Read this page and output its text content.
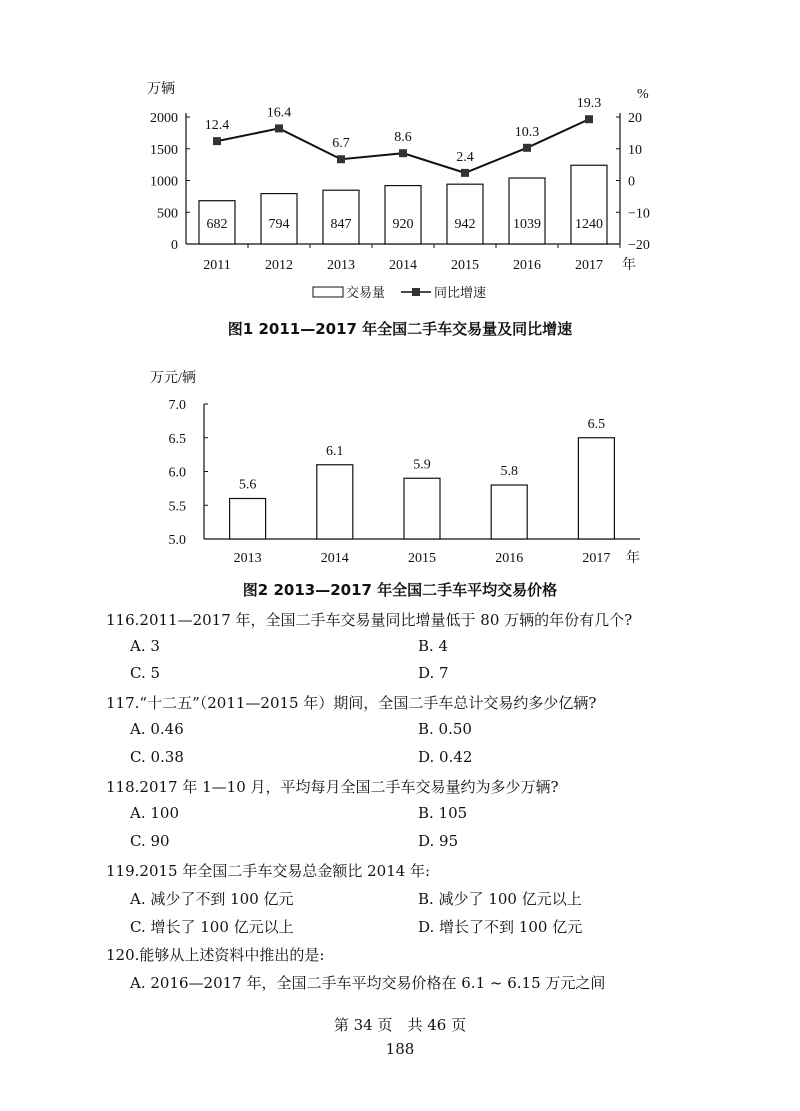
万辆	%
0
500
1000
1500
2000
−20
−10
0
10
20
682
2011
12.4
794
2012
16.4
847
2013
6.7
920
2014
8.6
942
2015
2.4
1039
2016
10.3
1240
2017
19.3
年
交易量	同比增速
图1 2011—2017 年全国二手车交易量及同比增速
万元/辆
5.0
5.5
6.0
6.5
7.0
5.6
2013
6.1
2014
5.9
2015
5.8
2016
6.5
2017 年
图2 2013—2017 年全国二手车平均交易价格
116.2011—2017 年，全国二手车交易量同比增量低于 80 万辆的年份有几个?
A. 3	B. 4
C. 5	D. 7
117.“十二五”（2011—2015 年）期间，全国二手车总计交易约多少亿辆?
A. 0.46	B. 0.50
C. 0.38	D. 0.42
118.2017 年 1—10 月，平均每月全国二手车交易量约为多少万辆?
A. 100	B. 105
C. 90	D. 95
119.2015 年全国二手车交易总金额比 2014 年:
A. 减少了不到 100 亿元	B. 减少了 100 亿元以上
C. 增长了 100 亿元以上	D. 增长了不到 100 亿元
120.能够从上述资料中推出的是:
A. 2016—2017 年，全国二手车平均交易价格在 6.1 ~ 6.15 万元之间
第 34 页　共 46 页
188
